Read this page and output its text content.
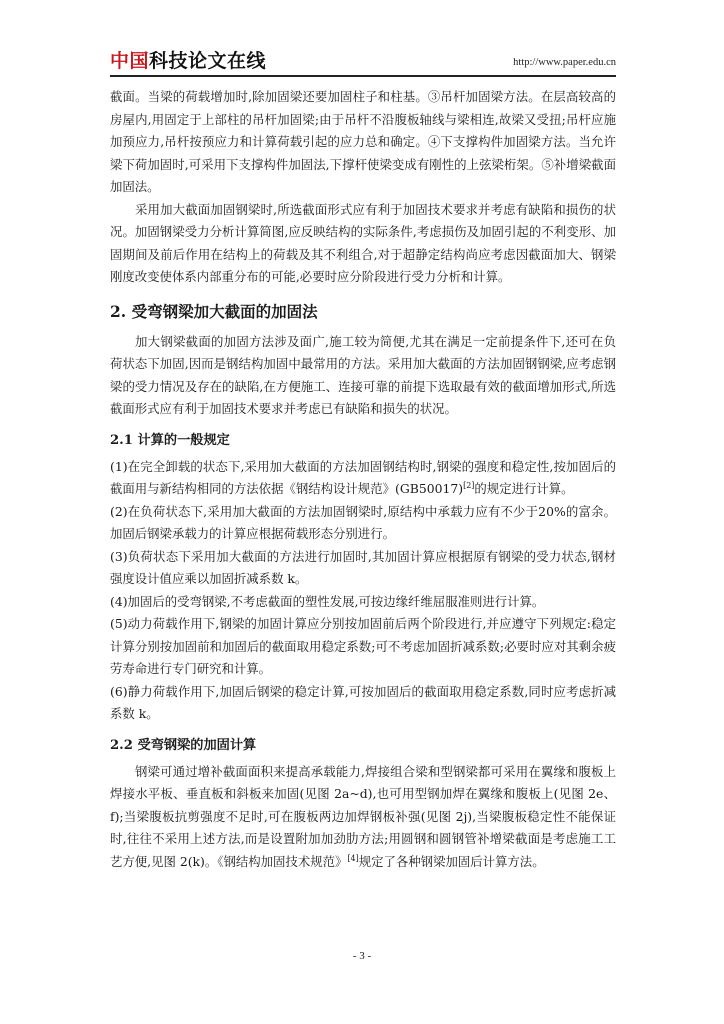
中国科技论文在线	http://www.paper.edu.cn

截面。当梁的荷载增加时,除加固梁还要加固柱子和柱基。③吊杆加固梁方法。在层高较高的房屋内,用固定于上部柱的吊杆加固梁;由于吊杆不沿腹板轴线与梁相连,故梁又受扭;吊杆应施加预应力,吊杆按预应力和计算荷载引起的应力总和确定。④下支撑构件加固梁方法。当允许梁下荷加固时,可采用下支撑构件加固法,下撑杆使梁变成有刚性的上弦梁桁架。⑤补增梁截面加固法。

采用加大截面加固钢梁时,所选截面形式应有利于加固技术要求并考虑有缺陷和损伤的状况。加固钢梁受力分析计算简图,应反映结构的实际条件,考虑损伤及加固引起的不利变形、加固期间及前后作用在结构上的荷载及其不利组合,对于超静定结构尚应考虑因截面加大、钢梁刚度改变使体系内部重分布的可能,必要时应分阶段进行受力分析和计算。

2. 受弯钢梁加大截面的加固法

加大钢梁截面的加固方法涉及面广,施工较为简便,尤其在满足一定前提条件下,还可在负荷状态下加固,因而是钢结构加固中最常用的方法。采用加大截面的方法加固钢钢梁,应考虑钢梁的受力情况及存在的缺陷,在方便施工、连接可靠的前提下选取最有效的截面增加形式,所选截面形式应有利于加固技术要求并考虑已有缺陷和损失的状况。

2.1 计算的一般规定

(1)在完全卸载的状态下,采用加大截面的方法加固钢结构时,钢梁的强度和稳定性,按加固后的截面用与新结构相同的方法依据《钢结构设计规范》(GB50017)[2]的规定进行计算。

(2)在负荷状态下,采用加大截面的方法加固钢梁时,原结构中承载力应有不少于20%的富余。加固后钢梁承载力的计算应根据荷载形态分别进行。

(3)负荷状态下采用加大截面的方法进行加固时,其加固计算应根据原有钢梁的受力状态,钢材强度设计值应乘以加固折减系数 k。

(4)加固后的受弯钢梁,不考虑截面的塑性发展,可按边缘纤维屈服准则进行计算。

(5)动力荷载作用下,钢梁的加固计算应分别按加固前后两个阶段进行,并应遵守下列规定:稳定计算分别按加固前和加固后的截面取用稳定系数;可不考虑加固折减系数;必要时应对其剩余疲劳寿命进行专门研究和计算。

(6)静力荷载作用下,加固后钢梁的稳定计算,可按加固后的截面取用稳定系数,同时应考虑折减系数 k。

2.2 受弯钢梁的加固计算

钢梁可通过增补截面面积来提高承载能力,焊接组合梁和型钢梁都可采用在翼缘和腹板上焊接水平板、垂直板和斜板来加固(见图 2a~d),也可用型钢加焊在翼缘和腹板上(见图 2e、f);当梁腹板抗剪强度不足时,可在腹板两边加焊钢板补强(见图 2j),当梁腹板稳定性不能保证时,往往不采用上述方法,而是设置附加加劲肋方法;用圆钢和圆钢管补增梁截面是考虑施工工艺方便,见图 2(k)。《钢结构加固技术规范》[4]规定了各种钢梁加固后计算方法。

- 3 -
